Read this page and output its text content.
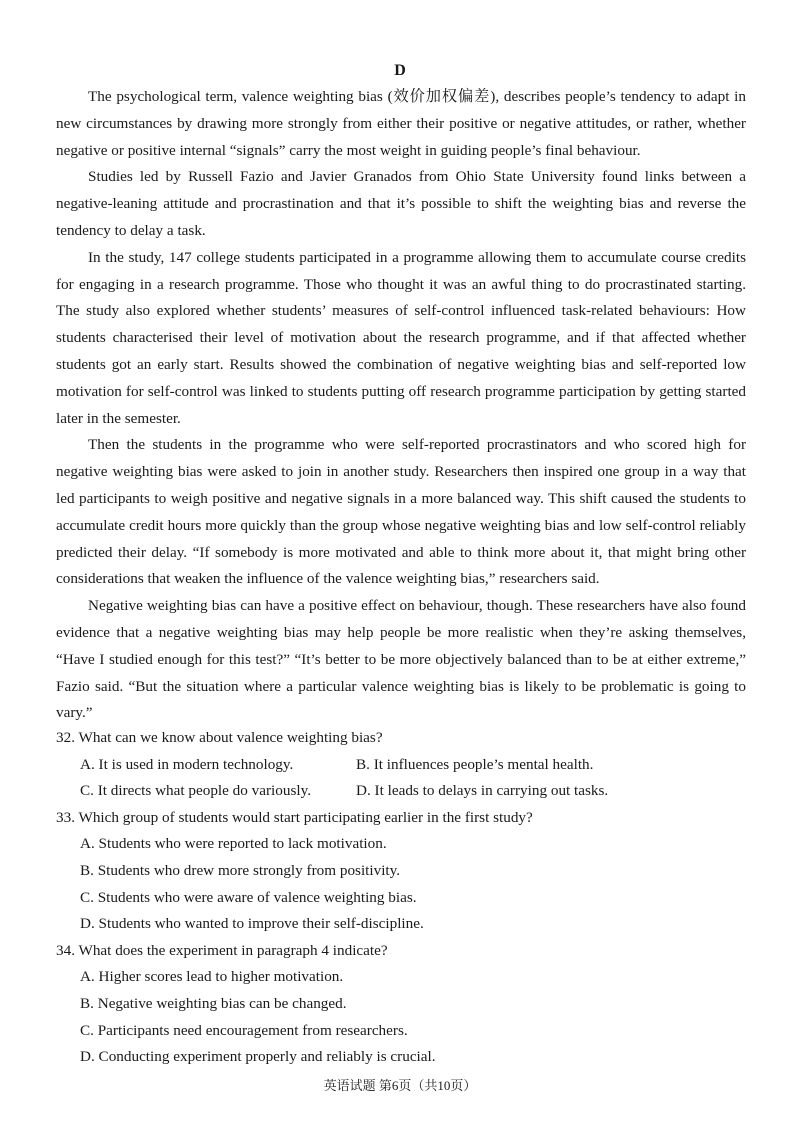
D

The psychological term, valence weighting bias (效价加权偏差), describes people’s tendency to adapt in new circumstances by drawing more strongly from either their positive or negative attitudes, or rather, whether negative or positive internal “signals” carry the most weight in guiding people’s final behaviour.

Studies led by Russell Fazio and Javier Granados from Ohio State University found links between a negative-leaning attitude and procrastination and that it’s possible to shift the weighting bias and reverse the tendency to delay a task.

In the study, 147 college students participated in a programme allowing them to accumulate course credits for engaging in a research programme. Those who thought it was an awful thing to do procrastinated starting. The study also explored whether students’ measures of self-control influenced task-related behaviours: How students characterised their level of motivation about the research programme, and if that affected whether students got an early start. Results showed the combination of negative weighting bias and self-reported low motivation for self-control was linked to students putting off research programme participation by getting started later in the semester.

Then the students in the programme who were self-reported procrastinators and who scored high for negative weighting bias were asked to join in another study. Researchers then inspired one group in a way that led participants to weigh positive and negative signals in a more balanced way. This shift caused the students to accumulate credit hours more quickly than the group whose negative weighting bias and low self-control reliably predicted their delay. “If somebody is more motivated and able to think more about it, that might bring other considerations that weaken the influence of the valence weighting bias,” researchers said.

Negative weighting bias can have a positive effect on behaviour, though. These researchers have also found evidence that a negative weighting bias may help people be more realistic when they’re asking themselves, “Have I studied enough for this test?” “It’s better to be more objectively balanced than to be at either extreme,” Fazio said. “But the situation where a particular valence weighting bias is likely to be problematic is going to vary.”

32. What can we know about valence weighting bias?

A. It is used in modern technology.	B. It influences people’s mental health.

C. It directs what people do variously.	D. It leads to delays in carrying out tasks.

33. Which group of students would start participating earlier in the first study?

A. Students who were reported to lack motivation.

B. Students who drew more strongly from positivity.

C. Students who were aware of valence weighting bias.

D. Students who wanted to improve their self-discipline.

34. What does the experiment in paragraph 4 indicate?

A. Higher scores lead to higher motivation.

B. Negative weighting bias can be changed.

C. Participants need encouragement from researchers.

D. Conducting experiment properly and reliably is crucial.

英语试题 第6页（共10页）
